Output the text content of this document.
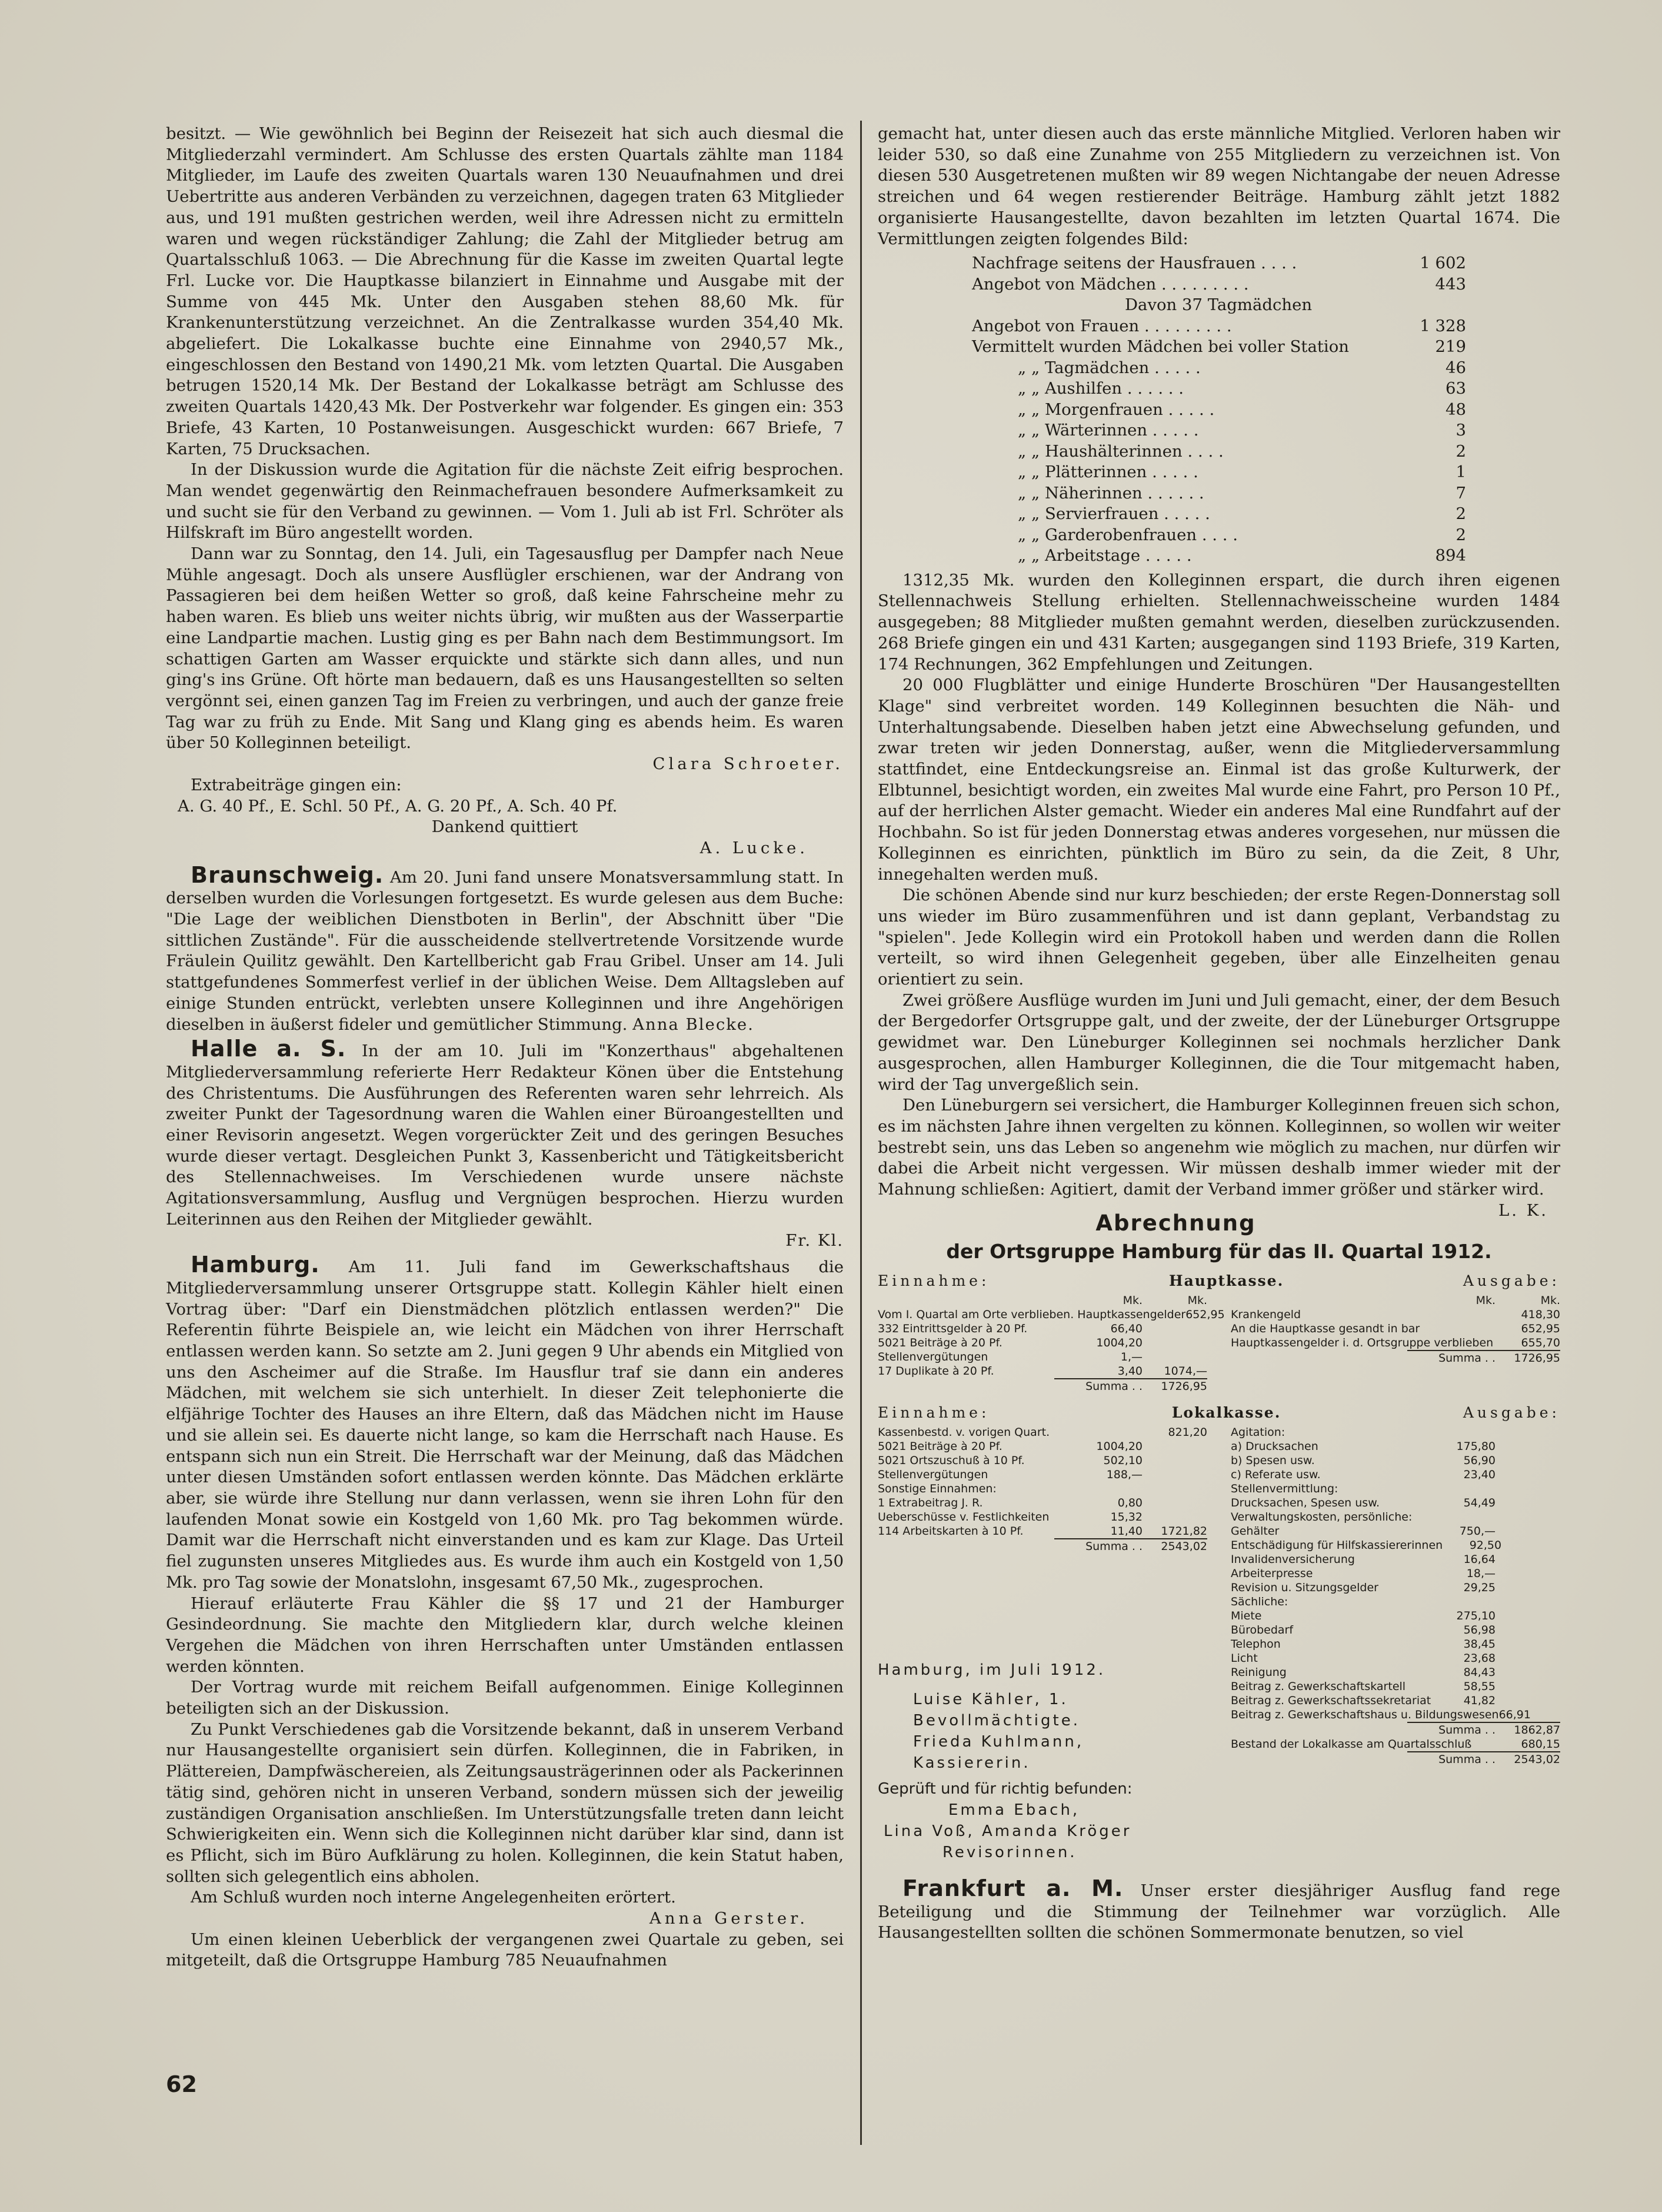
besitzt. — Wie gewöhnlich bei Beginn der Reisezeit hat sich auch diesmal die Mitgliederzahl vermindert. Am Schlusse des ersten Quartals zählte man 1184 Mitglieder, im Laufe des zweiten Quartals waren 130 Neuaufnahmen und drei Uebertritte aus anderen Verbänden zu verzeichnen, dagegen traten 63 Mitglieder aus, und 191 mußten gestrichen werden, weil ihre Adressen nicht zu ermitteln waren und wegen rückständiger Zahlung; die Zahl der Mitglieder betrug am Quartalsschluß 1063. — Die Abrechnung für die Kasse im zweiten Quartal legte Frl. Lucke vor. Die Hauptkasse bilanziert in Einnahme und Ausgabe mit der Summe von 445 Mk. Unter den Ausgaben stehen 88,60 Mk. für Krankenunterstützung verzeichnet. An die Zentralkasse wurden 354,40 Mk. abgeliefert. Die Lokalkasse buchte eine Einnahme von 2940,57 Mk., eingeschlossen den Bestand von 1490,21 Mk. vom letzten Quartal. Die Ausgaben betrugen 1520,14 Mk. Der Bestand der Lokalkasse beträgt am Schlusse des zweiten Quartals 1420,43 Mk. Der Postverkehr war folgender. Es gingen ein: 353 Briefe, 43 Karten, 10 Postanweisungen. Ausgeschickt wurden: 667 Briefe, 7 Karten, 75 Drucksachen.

In der Diskussion wurde die Agitation für die nächste Zeit eifrig besprochen. Man wendet gegenwärtig den Reinmachefrauen besondere Aufmerksamkeit zu und sucht sie für den Verband zu gewinnen. — Vom 1. Juli ab ist Frl. Schröter als Hilfskraft im Büro angestellt worden.

Dann war zu Sonntag, den 14. Juli, ein Tagesausflug per Dampfer nach Neue Mühle angesagt. Doch als unsere Ausflügler erschienen, war der Andrang von Passagieren bei dem heißen Wetter so groß, daß keine Fahrscheine mehr zu haben waren. Es blieb uns weiter nichts übrig, wir mußten aus der Wasserpartie eine Landpartie machen. Lustig ging es per Bahn nach dem Bestimmungsort. Im schattigen Garten am Wasser erquickte und stärkte sich dann alles, und nun ging's ins Grüne. Oft hörte man bedauern, daß es uns Hausangestellten so selten vergönnt sei, einen ganzen Tag im Freien zu verbringen, und auch der ganze freie Tag war zu früh zu Ende. Mit Sang und Klang ging es abends heim. Es waren über 50 Kolleginnen beteiligt.

Clara Schroeter.

Extrabeiträge gingen ein:

A. G. 40 Pf., E. Schl. 50 Pf., A. G. 20 Pf., A. Sch. 40 Pf.

Dankend quittiert

A. Lucke.

Braunschweig. Am 20. Juni fand unsere Monatsversammlung statt. In derselben wurden die Vorlesungen fortgesetzt. Es wurde gelesen aus dem Buche: "Die Lage der weiblichen Dienstboten in Berlin", der Abschnitt über "Die sittlichen Zustände". Für die ausscheidende stellvertretende Vorsitzende wurde Fräulein Quilitz gewählt. Den Kartellbericht gab Frau Gribel. Unser am 14. Juli stattgefundenes Sommerfest verlief in der üblichen Weise. Dem Alltagsleben auf einige Stunden entrückt, verlebten unsere Kolleginnen und ihre Angehörigen dieselben in äußerst fideler und gemütlicher Stimmung. Anna Blecke.

Halle a. S. In der am 10. Juli im "Konzerthaus" abgehaltenen Mitgliederversammlung referierte Herr Redakteur Könen über die Entstehung des Christentums. Die Ausführungen des Referenten waren sehr lehrreich. Als zweiter Punkt der Tagesordnung waren die Wahlen einer Büroangestellten und einer Revisorin angesetzt. Wegen vorgerückter Zeit und des geringen Besuches wurde dieser vertagt. Desgleichen Punkt 3, Kassenbericht und Tätigkeitsbericht des Stellennachweises. Im Verschiedenen wurde unsere nächste Agitationsversammlung, Ausflug und Vergnügen besprochen. Hierzu wurden Leiterinnen aus den Reihen der Mitglieder gewählt.

Fr. Kl.

Hamburg. Am 11. Juli fand im Gewerkschaftshaus die Mitgliederversammlung unserer Ortsgruppe statt. Kollegin Kähler hielt einen Vortrag über: "Darf ein Dienstmädchen plötzlich entlassen werden?" Die Referentin führte Beispiele an, wie leicht ein Mädchen von ihrer Herrschaft entlassen werden kann. So setzte am 2. Juni gegen 9 Uhr abends ein Mitglied von uns den Ascheimer auf die Straße. Im Hausflur traf sie dann ein anderes Mädchen, mit welchem sie sich unterhielt. In dieser Zeit telephonierte die elfjährige Tochter des Hauses an ihre Eltern, daß das Mädchen nicht im Hause und sie allein sei. Es dauerte nicht lange, so kam die Herrschaft nach Hause. Es entspann sich nun ein Streit. Die Herrschaft war der Meinung, daß das Mädchen unter diesen Umständen sofort entlassen werden könnte. Das Mädchen erklärte aber, sie würde ihre Stellung nur dann verlassen, wenn sie ihren Lohn für den laufenden Monat sowie ein Kostgeld von 1,60 Mk. pro Tag bekommen würde. Damit war die Herrschaft nicht einverstanden und es kam zur Klage. Das Urteil fiel zugunsten unseres Mitgliedes aus. Es wurde ihm auch ein Kostgeld von 1,50 Mk. pro Tag sowie der Monatslohn, insgesamt 67,50 Mk., zugesprochen.

Hierauf erläuterte Frau Kähler die §§ 17 und 21 der Hamburger Gesindeordnung. Sie machte den Mitgliedern klar, durch welche kleinen Vergehen die Mädchen von ihren Herrschaften unter Umständen entlassen werden könnten.

Der Vortrag wurde mit reichem Beifall aufgenommen. Einige Kolleginnen beteiligten sich an der Diskussion.

Zu Punkt Verschiedenes gab die Vorsitzende bekannt, daß in unserem Verband nur Hausangestellte organisiert sein dürfen. Kolleginnen, die in Fabriken, in Plättereien, Dampfwäschereien, als Zeitungsausträgerinnen oder als Packerinnen tätig sind, gehören nicht in unseren Verband, sondern müssen sich der jeweilig zuständigen Organisation anschließen. Im Unterstützungsfalle treten dann leicht Schwierigkeiten ein. Wenn sich die Kolleginnen nicht darüber klar sind, dann ist es Pflicht, sich im Büro Aufklärung zu holen. Kolleginnen, die kein Statut haben, sollten sich gelegentlich eins abholen.

Am Schluß wurden noch interne Angelegenheiten erörtert.

Anna Gerster.

Um einen kleinen Ueberblick der vergangenen zwei Quartale zu geben, sei mitgeteilt, daß die Ortsgruppe Hamburg 785 Neuaufnahmen

gemacht hat, unter diesen auch das erste männliche Mitglied. Verloren haben wir leider 530, so daß eine Zunahme von 255 Mitgliedern zu verzeichnen ist. Von diesen 530 Ausgetretenen mußten wir 89 wegen Nichtangabe der neuen Adresse streichen und 64 wegen restierender Beiträge. Hamburg zählt jetzt 1882 organisierte Hausangestellte, davon bezahlten im letzten Quartal 1674. Die Vermittlungen zeigten folgendes Bild:

Nachfrage seitens der Hausfrauen . . . .	1 602
Angebot von Mädchen . . . . . . . . .	443
Davon 37 Tagmädchen
Angebot von Frauen . . . . . . . . .	1 328
Vermittelt wurden Mädchen bei voller Station	219
„ „ Tagmädchen . . . . .	46
„ „ Aushilfen . . . . . .	63
„ „ Morgenfrauen . . . . .	48
„ „ Wärterinnen . . . . .	3
„ „ Haushälterinnen . . . .	2
„ „ Plätterinnen . . . . .	1
„ „ Näherinnen . . . . . .	7
„ „ Servierfrauen . . . . .	2
„ „ Garderobenfrauen . . . .	2
„ „ Arbeitstage . . . . .	894

1312,35 Mk. wurden den Kolleginnen erspart, die durch ihren eigenen Stellennachweis Stellung erhielten. Stellennachweisscheine wurden 1484 ausgegeben; 88 Mitglieder mußten gemahnt werden, dieselben zurückzusenden. 268 Briefe gingen ein und 431 Karten; ausgegangen sind 1193 Briefe, 319 Karten, 174 Rechnungen, 362 Empfehlungen und Zeitungen.

20 000 Flugblätter und einige Hunderte Broschüren "Der Hausangestellten Klage" sind verbreitet worden. 149 Kolleginnen besuchten die Näh- und Unterhaltungsabende. Dieselben haben jetzt eine Abwechselung gefunden, und zwar treten wir jeden Donnerstag, außer, wenn die Mitgliederversammlung stattfindet, eine Entdeckungsreise an. Einmal ist das große Kulturwerk, der Elbtunnel, besichtigt worden, ein zweites Mal wurde eine Fahrt, pro Person 10 Pf., auf der herrlichen Alster gemacht. Wieder ein anderes Mal eine Rundfahrt auf der Hochbahn. So ist für jeden Donnerstag etwas anderes vorgesehen, nur müssen die Kolleginnen es einrichten, pünktlich im Büro zu sein, da die Zeit, 8 Uhr, innegehalten werden muß.

Die schönen Abende sind nur kurz beschieden; der erste Regen-Donnerstag soll uns wieder im Büro zusammenführen und ist dann geplant, Verbandstag zu "spielen". Jede Kollegin wird ein Protokoll haben und werden dann die Rollen verteilt, so wird ihnen Gelegenheit gegeben, über alle Einzelheiten genau orientiert zu sein.

Zwei größere Ausflüge wurden im Juni und Juli gemacht, einer, der dem Besuch der Bergedorfer Ortsgruppe galt, und der zweite, der der Lüneburger Ortsgruppe gewidmet war. Den Lüneburger Kolleginnen sei nochmals herzlicher Dank ausgesprochen, allen Hamburger Kolleginnen, die die Tour mitgemacht haben, wird der Tag unvergeßlich sein.

Den Lüneburgern sei versichert, die Hamburger Kolleginnen freuen sich schon, es im nächsten Jahre ihnen vergelten zu können. Kolleginnen, so wollen wir weiter bestrebt sein, uns das Leben so angenehm wie möglich zu machen, nur dürfen wir dabei die Arbeit nicht vergessen. Wir müssen deshalb immer wieder mit der Mahnung schließen: Agitiert, damit der Verband immer größer und stärker wird.
L. K.

Abrechnung
der Ortsgruppe Hamburg für das II. Quartal 1912.
Einnahme:	Hauptkasse.	Ausgabe:
Mk.	Mk.
Vom I. Quartal am Orte verblieben. Hauptkassengelder 652,95
332 Eintrittsgelder à 20 Pf.	66,40
5021 Beiträge à 20 Pf.	1004,20
Stellenvergütungen	1,—
17 Duplikate à 20 Pf.	3,40	1074,—
Summa . .	1726,95
Mk.	Mk.
Krankengeld	418,30
An die Hauptkasse gesandt in bar	652,95
Hauptkassengelder i. d. Ortsgruppe verblieben	655,70
Summa . .	1726,95
Einnahme:	Lokalkasse.	Ausgabe:
Kassenbestd. v. vorigen Quart.	821,20
5021 Beiträge à 20 Pf.	1004,20
5021 Ortszuschuß à 10 Pf.	502,10
Stellenvergütungen	188,—
Sonstige Einnahmen:
1 Extrabeitrag J. R.	0,80
Ueberschüsse v. Festlichkeiten	15,32
114 Arbeitskarten à 10 Pf.	11,40	1721,82
Summa . .	2543,02
Hamburg, im Juli 1912.
Luise Kähler, 1. Bevollmächtigte.
Frieda Kuhlmann, Kassiererin.
Geprüft und für richtig befunden:
Emma Ebach,
Lina Voß, Amanda Kröger
Revisorinnen.
Agitation:
a) Drucksachen	175,80
b) Spesen usw.	56,90
c) Referate usw.	23,40
Stellenvermittlung:
Drucksachen, Spesen usw.	54,49
Verwaltungskosten, persönliche:
Gehälter	750,—
Entschädigung für Hilfskassiererinnen	92,50
Invalidenversicherung	16,64
Arbeiterpresse	18,—
Revision u. Sitzungsgelder	29,25
Sächliche:
Miete	275,10
Bürobedarf	56,98
Telephon	38,45
Licht	23,68
Reinigung	84,43
Beitrag z. Gewerkschaftskartell	58,55
Beitrag z. Gewerkschaftssekretariat	41,82
Beitrag z. Gewerkschaftshaus u. Bildungswesen 66,91
Summa . .	1862,87
Bestand der Lokalkasse am Quartalsschluß	680,15
Summa . .	2543,02

Frankfurt a. M. Unser erster diesjähriger Ausflug fand rege Beteiligung und die Stimmung der Teilnehmer war vorzüglich. Alle Hausangestellten sollten die schönen Sommermonate benutzen, so viel

62
